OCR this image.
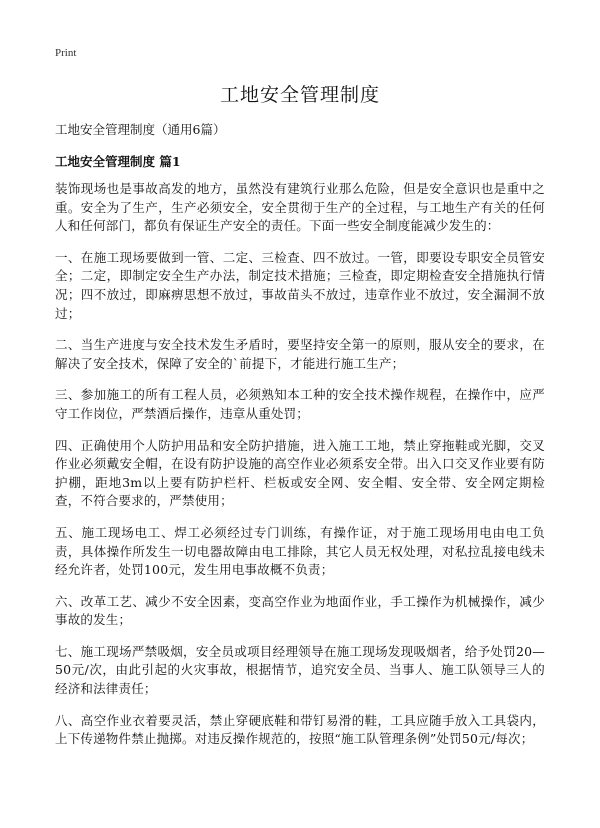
Print
工地安全管理制度
工地安全管理制度（通用6篇）
工地安全管理制度 篇1

装饰现场也是事故高发的地方，虽然没有建筑行业那么危险，但是安全意识也是重中之重。安全为了生产，生产必须安全，安全贯彻于生产的全过程，与工地生产有关的任何人和任何部门，都负有保证生产安全的责任。下面一些安全制度能减少发生的：

一、在施工现场要做到一管、二定、三检查、四不放过。一管，即要设专职安全员管安全；二定，即制定安全生产办法，制定技术措施；三检查，即定期检查安全措施执行情况；四不放过，即麻痹思想不放过，事故苗头不放过，违章作业不放过，安全漏洞不放过；

二、当生产进度与安全技术发生矛盾时，要坚持安全第一的原则，服从安全的要求，在解决了安全技术，保障了安全的`前提下，才能进行施工生产；

三、参加施工的所有工程人员，必须熟知本工种的安全技术操作规程，在操作中，应严守工作岗位，严禁酒后操作，违章从重处罚；

四、正确使用个人防护用品和安全防护措施，进入施工工地，禁止穿拖鞋或光脚，交叉作业必须戴安全帽，在设有防护设施的高空作业必须系安全带。出入口交叉作业要有防护棚，距地3m以上要有防护栏杆、栏板或安全网、安全帽、安全带、安全网定期检查，不符合要求的，严禁使用；

五、施工现场电工、焊工必须经过专门训练，有操作证，对于施工现场用电由电工负责，具体操作所发生一切电器故障由电工排除，其它人员无权处理，对私拉乱接电线未经允许者，处罚100元，发生用电事故概不负责；

六、改革工艺、减少不安全因素，变高空作业为地面作业，手工操作为机械操作，减少事故的发生；

七、施工现场严禁吸烟，安全员或项目经理领导在施工现场发现吸烟者，给予处罚20—50元/次，由此引起的火灾事故，根据情节，追究安全员、当事人、施工队领导三人的经济和法律责任；

八、高空作业衣着要灵活，禁止穿硬底鞋和带钉易滑的鞋，工具应随手放入工具袋内，上下传递物件禁止抛掷。对违反操作规范的，按照“施工队管理条例”处罚50元/每次；
